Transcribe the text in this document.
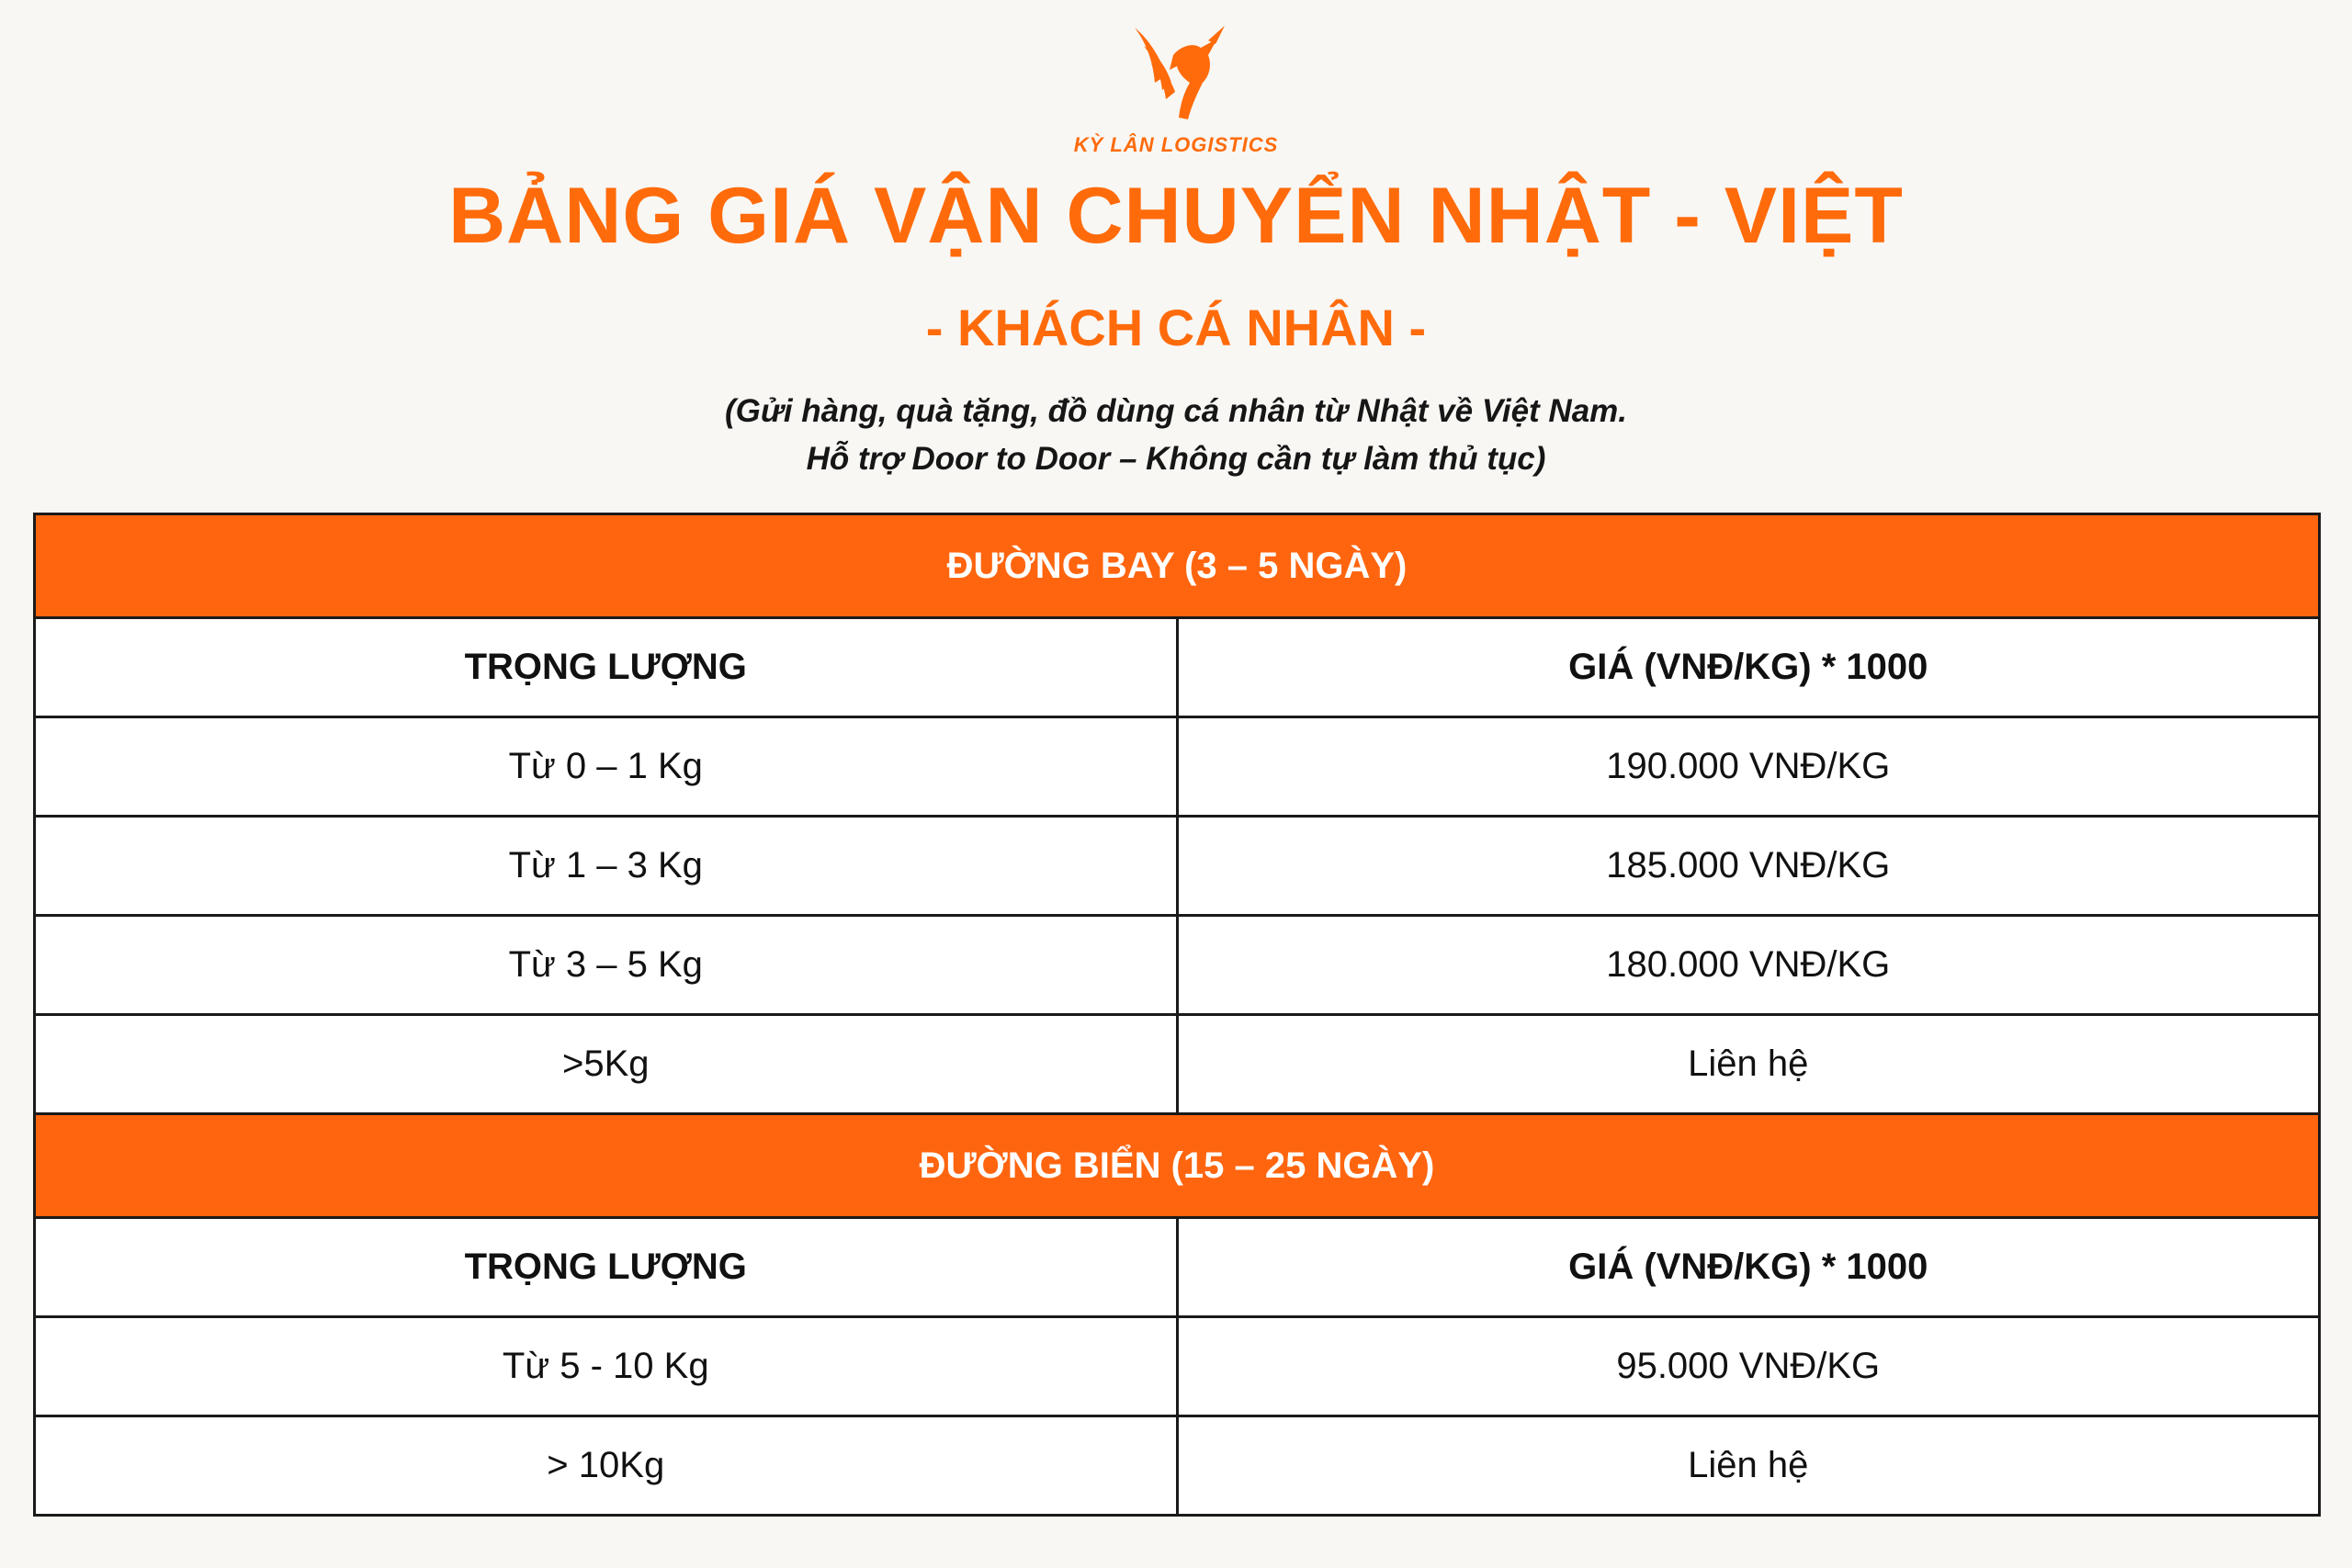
KỲ LÂN LOGISTICS
BẢNG GIÁ VẬN CHUYỂN NHẬT - VIỆT
- KHÁCH CÁ NHÂN -
(Gửi hàng, quà tặng, đồ dùng cá nhân từ Nhật về Việt Nam.
Hỗ trợ Door to Door – Không cần tự làm thủ tục)
ĐƯỜNG BAY (3 – 5 NGÀY)	
TRỌNG LƯỢNG	GIÁ (VNĐ/KG) * 1000
Từ 0 – 1 Kg	190.000 VNĐ/KG
Từ 1 – 3 Kg	185.000 VNĐ/KG
Từ 3 – 5 Kg	180.000 VNĐ/KG
>5Kg	Liên hệ
ĐƯỜNG BIỂN (15 – 25 NGÀY)	
TRỌNG LƯỢNG	GIÁ (VNĐ/KG) * 1000
Từ 5 - 10 Kg	95.000 VNĐ/KG
> 10Kg	Liên hệ
